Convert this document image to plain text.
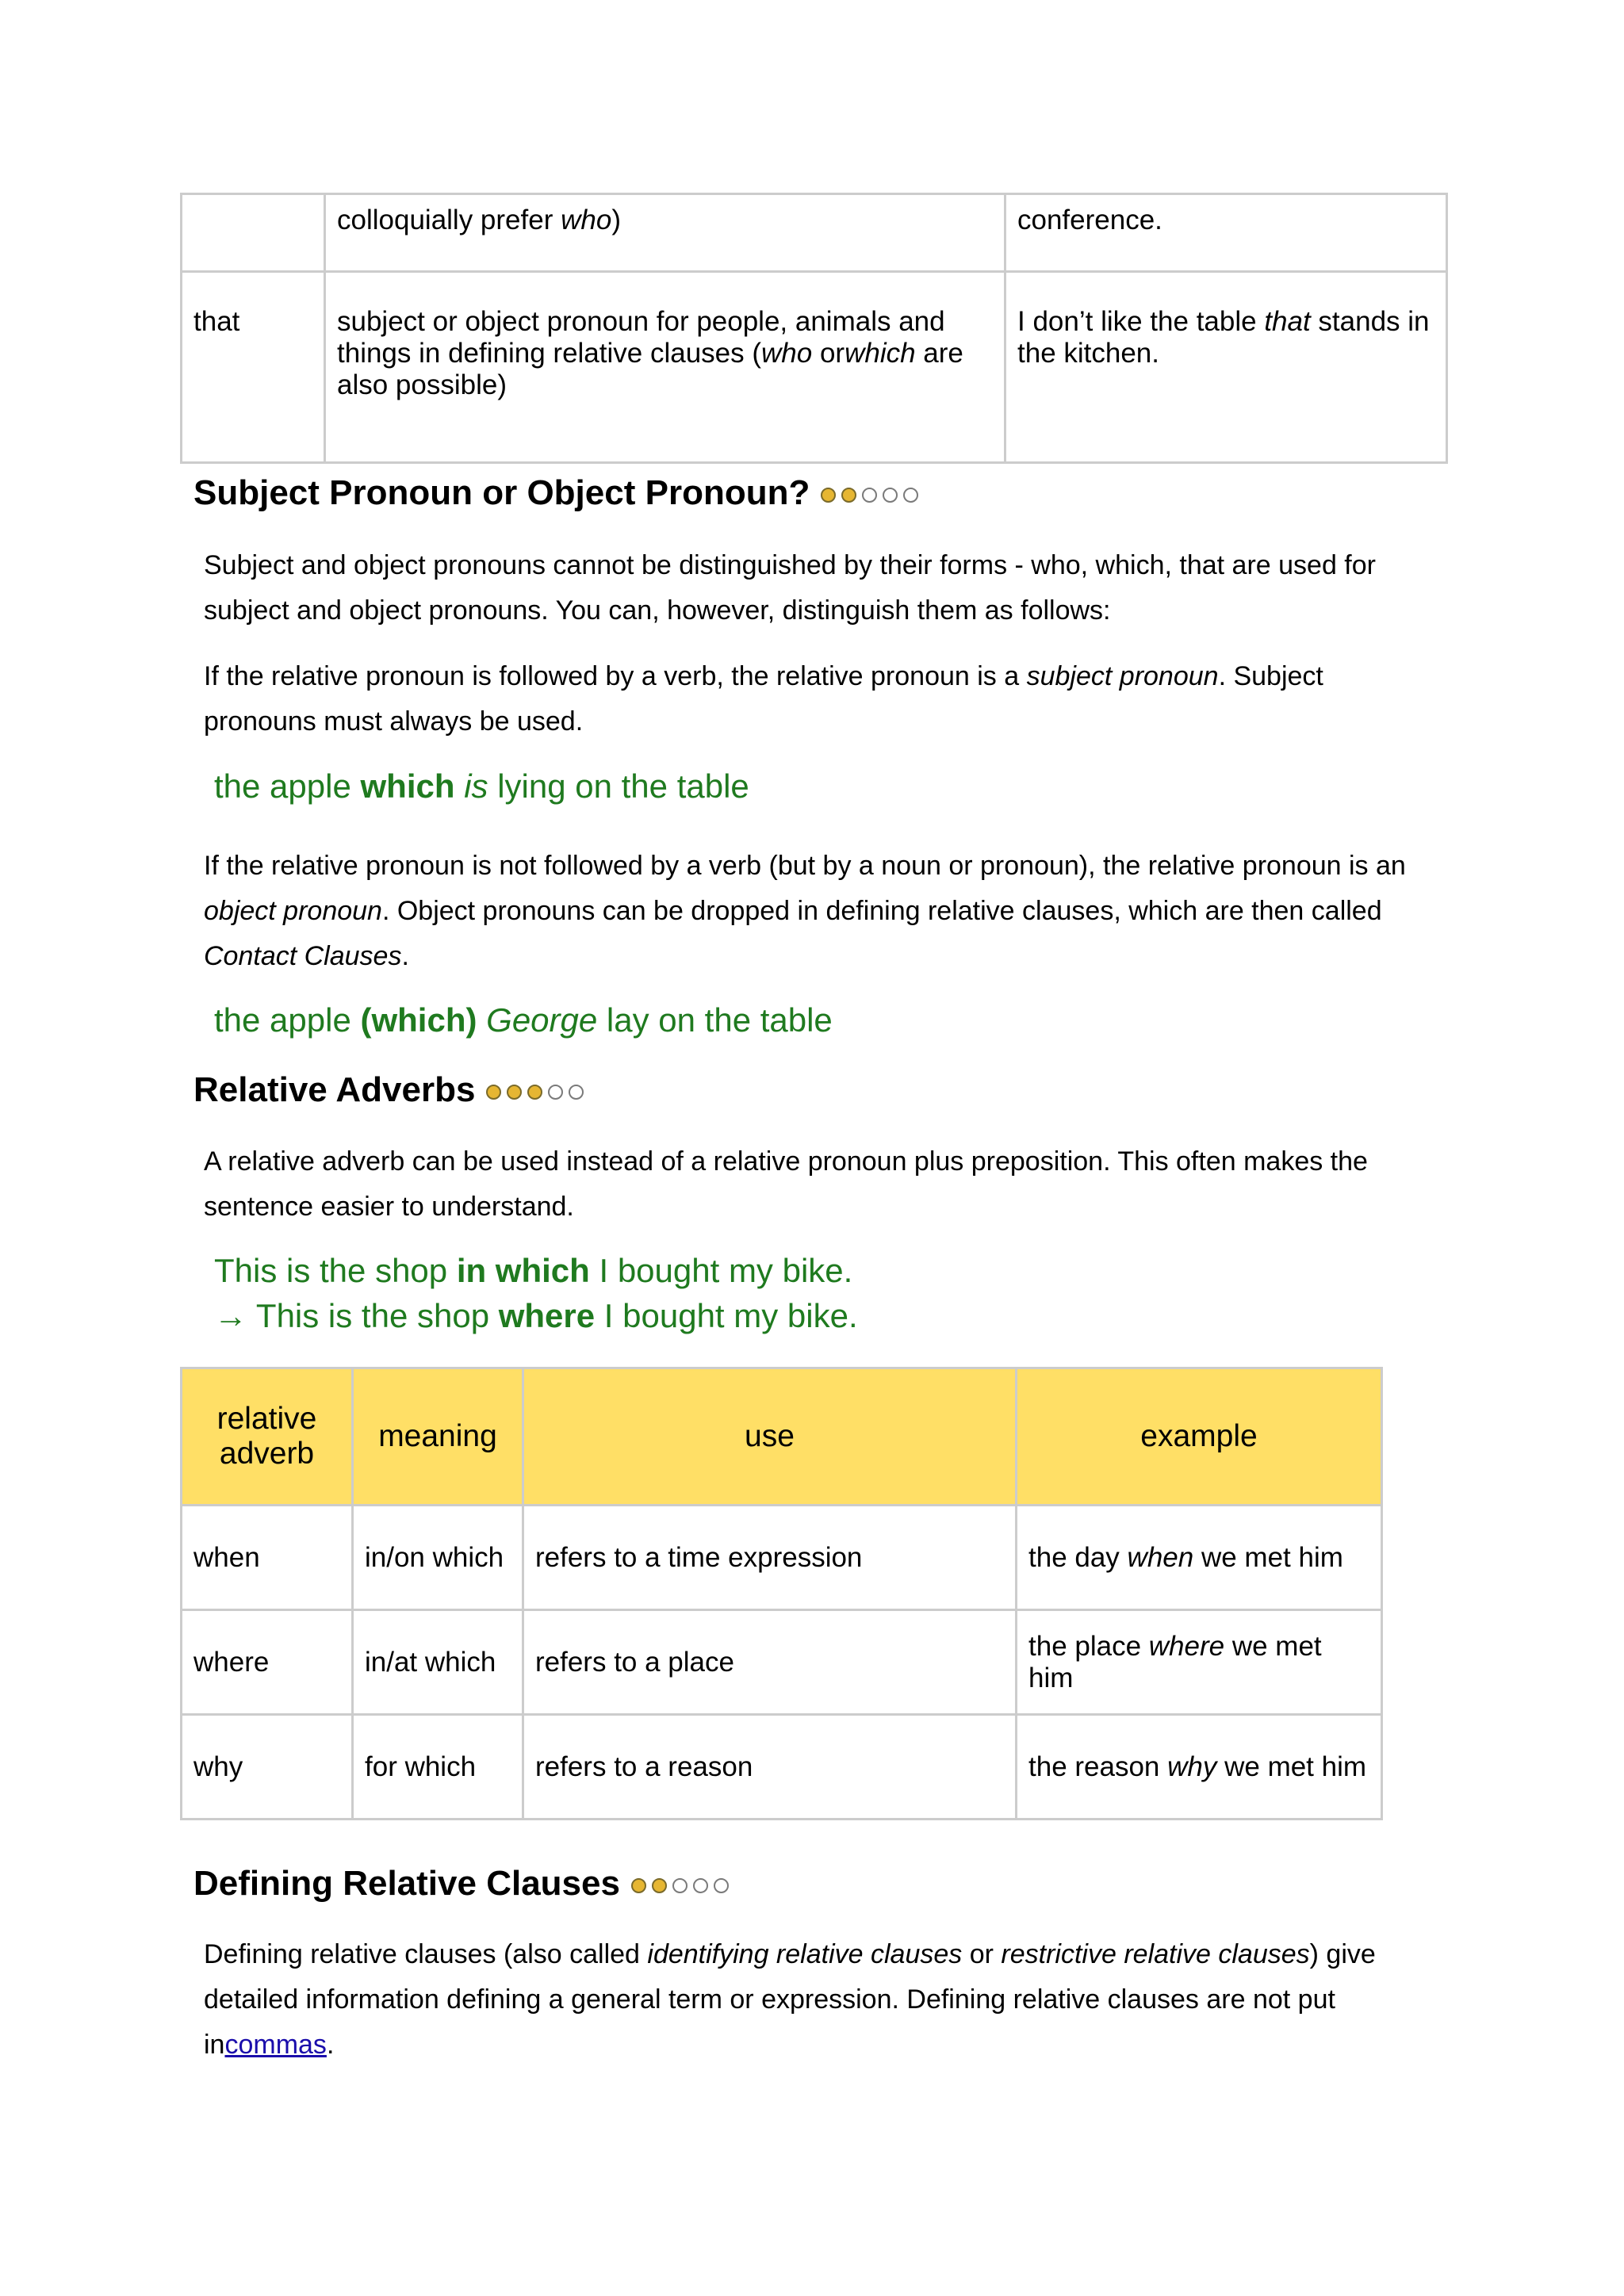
	colloquially prefer who)	conference.
that	subject or object pronoun for people, animals and things in defining relative clauses (who orwhich are also possible)	I don’t like the table that stands in the kitchen.
Subject Pronoun or Object Pronoun?

Subject and object pronouns cannot be distinguished by their forms - who, which, that are used for subject and object pronouns. You can, however, distinguish them as follows:

If the relative pronoun is followed by a verb, the relative pronoun is a subject pronoun. Subject pronouns must always be used.

the apple which is lying on the table

If the relative pronoun is not followed by a verb (but by a noun or pronoun), the relative pronoun is an object pronoun. Object pronouns can be dropped in defining relative clauses, which are then called Contact Clauses.

the apple (which) George lay on the table

Relative Adverbs

A relative adverb can be used instead of a relative pronoun plus preposition. This often makes the sentence easier to understand.

This is the shop in which I bought my bike.

→ This is the shop where I bought my bike.

relative adverb	meaning	use	example
when	in/on which	refers to a time expression	the day when we met him
where	in/at which	refers to a place	the place where we met him
why	for which	refers to a reason	the reason why we met him
Defining Relative Clauses

Defining relative clauses (also called identifying relative clauses or restrictive relative clauses) give detailed information defining a general term or expression. Defining relative clauses are not put incommas.
